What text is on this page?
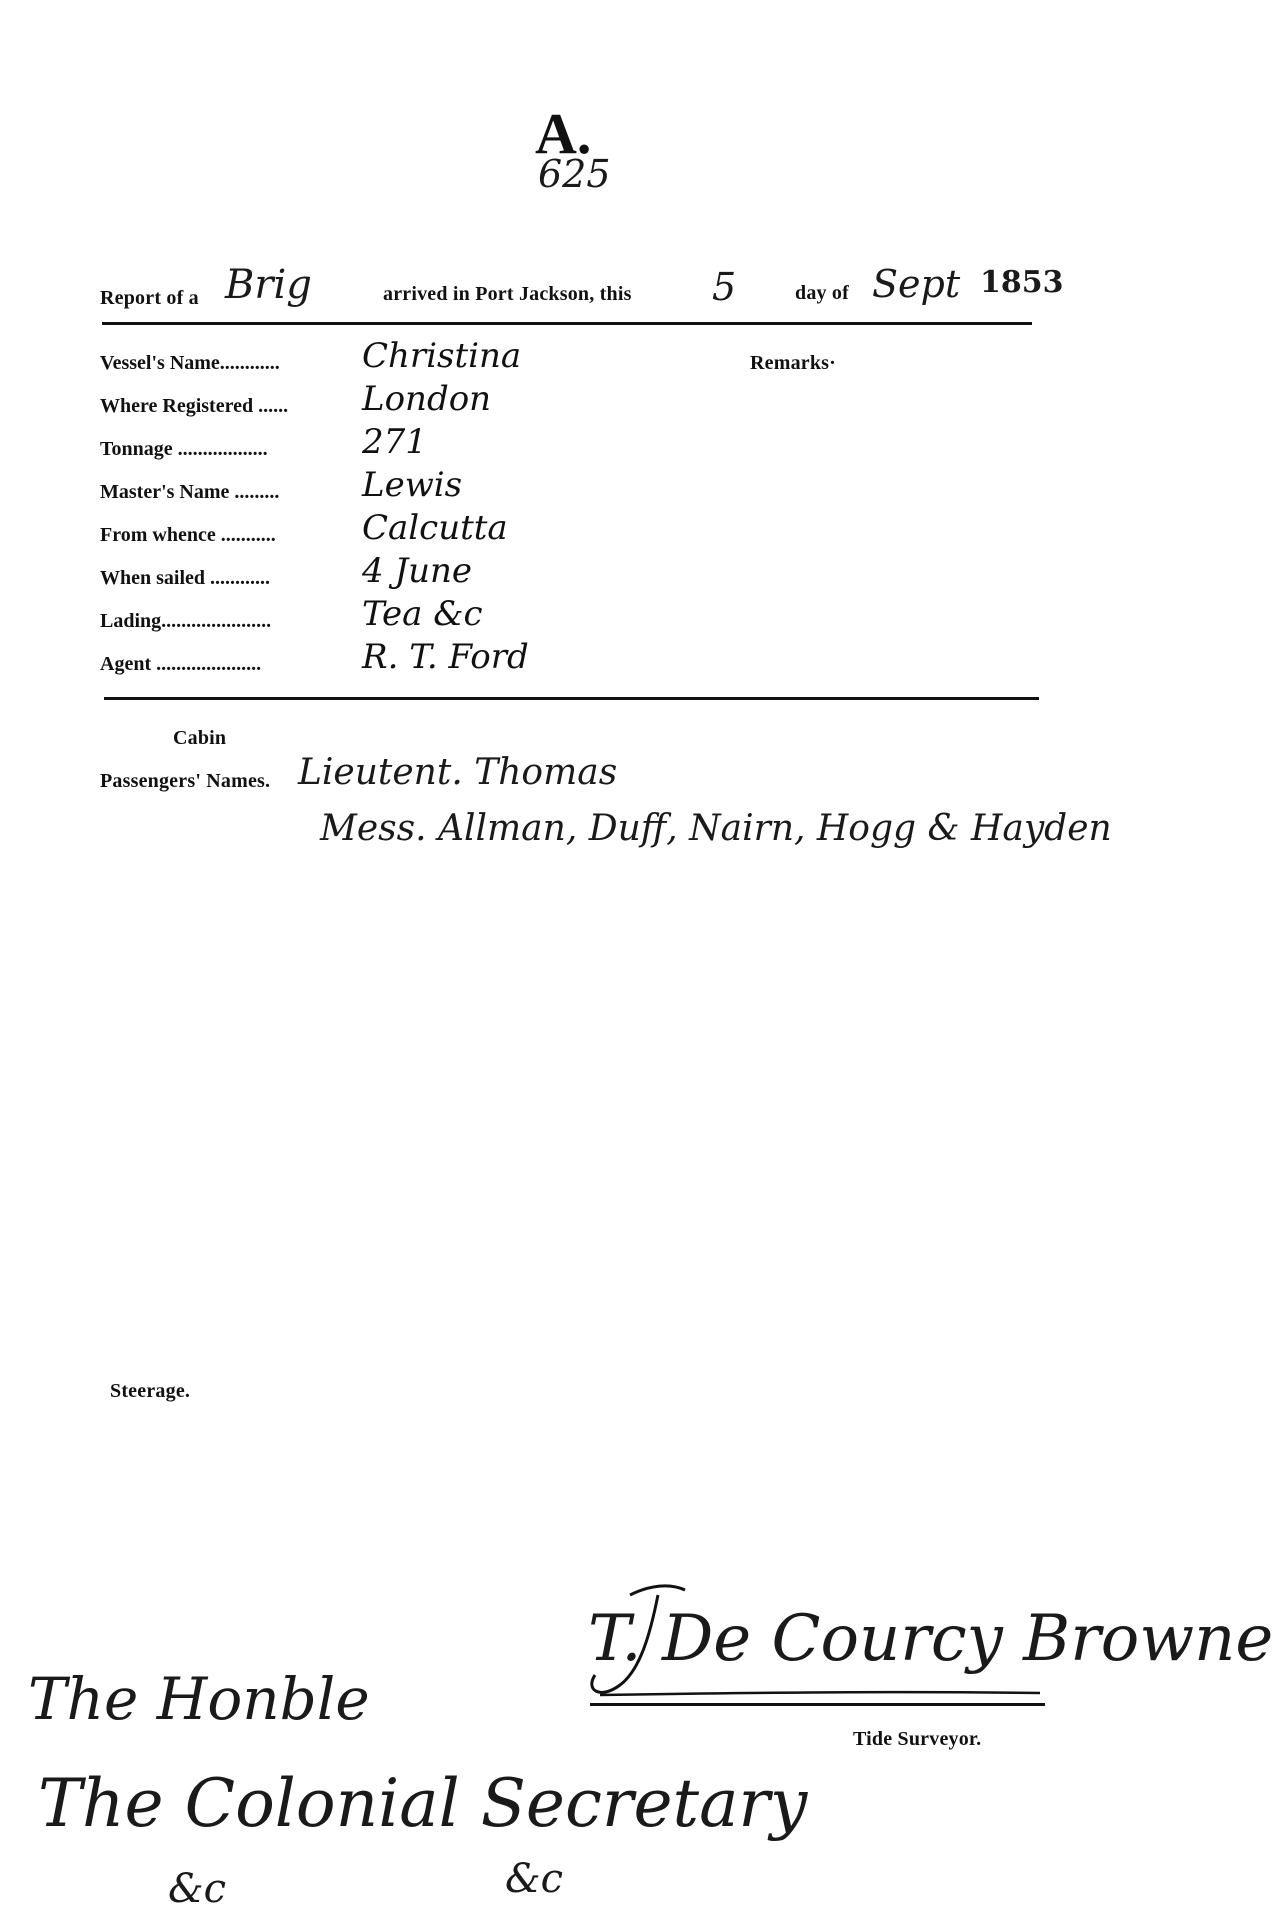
A.
625
Report of a Brig	arrived in Port Jackson, this 5	day of Sept 1853
Vessel's Name............ Christina
Where Registered ...... London
Tonnage ..................	271
Master's Name ......... Lewis
From whence ...........	Calcutta
When sailed ............	4 June
Lading......................	Tea &c
Agent .....................	R. T. Ford
Remarks·
Cabin
Passengers' Names. Lieutent. Thomas
Mess. Allman, Duff, Nairn, Hogg & Hayden
Steerage.
T. De Courcy Browne
Tide Surveyor.
The Honble
The Colonial Secretary
&c	&c
